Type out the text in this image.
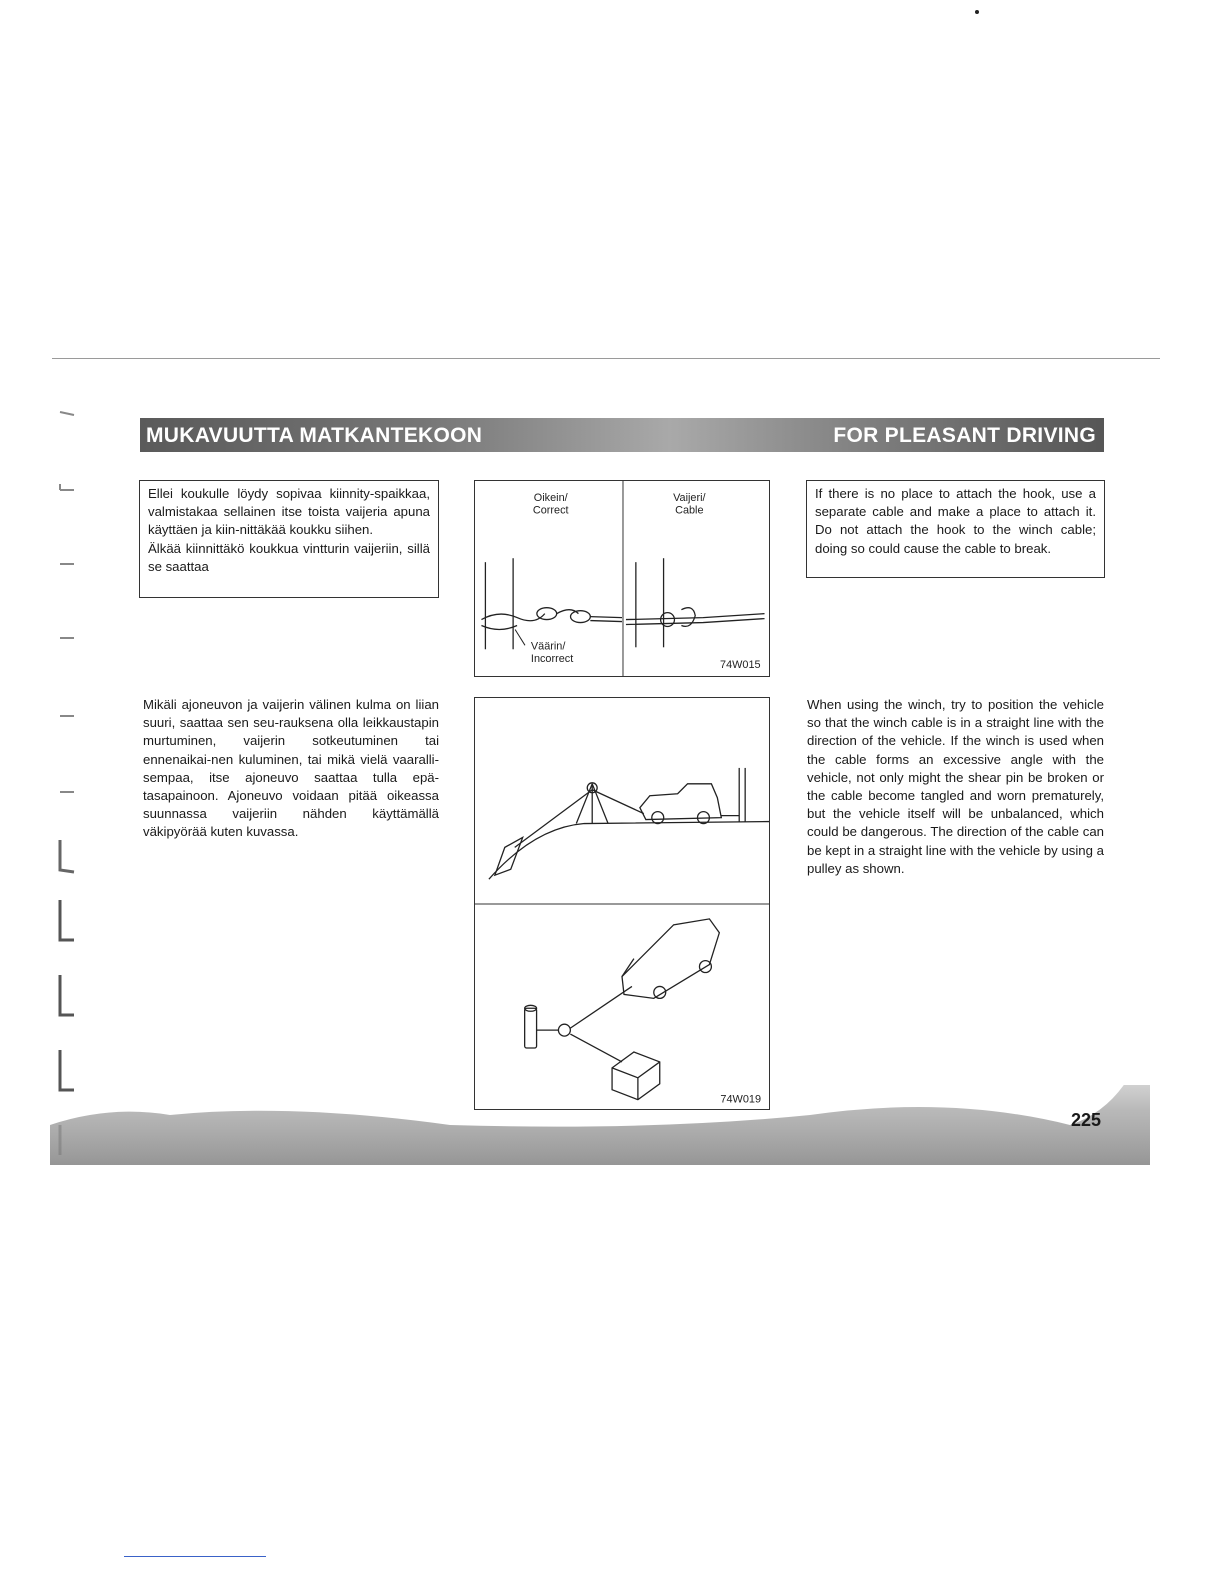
MUKAVUUTTA MATKANTEKOON	FOR PLEASANT DRIVING
Ellei koukulle löydy sopivaa kiinnity-spaikkaa, valmistakaa sellainen itse toista vaijeria apuna käyttäen ja kiin-nittäkää koukku siihen.
Älkää kiinnittäkö koukkua vintturin vaijeriin, sillä se saattaa
If there is no place to attach the hook, use a separate cable and make a place to attach it. Do not attach the hook to the winch cable; doing so could cause the cable to break.
Mikäli ajoneuvon ja vaijerin välinen kulma on liian suuri, saattaa sen seu-rauksena olla leikkaustapin murtuminen, vaijerin sotkeutuminen tai ennenaikai-nen kuluminen, tai mikä vielä vaaralli-sempaa, itse ajoneuvo saattaa tulla epä-tasapainoon. Ajoneuvo voidaan pitää oikeassa suunnassa vaijeriin nähden käyttämällä väkipyörää kuten kuvassa.
When using the winch, try to position the vehicle so that the winch cable is in a straight line with the direction of the vehicle. If the winch is used when the cable forms an excessive angle with the vehicle, not only might the shear pin be broken or the cable become tangled and worn prematurely, but the vehicle itself will be unbalanced, which could be dangerous. The direction of the cable can be kept in a straight line with the vehicle by using a pulley as shown.
Oikein/
Correct
Vaijeri/
Cable
Väärin/
Incorrect	74W015
74W019
225
